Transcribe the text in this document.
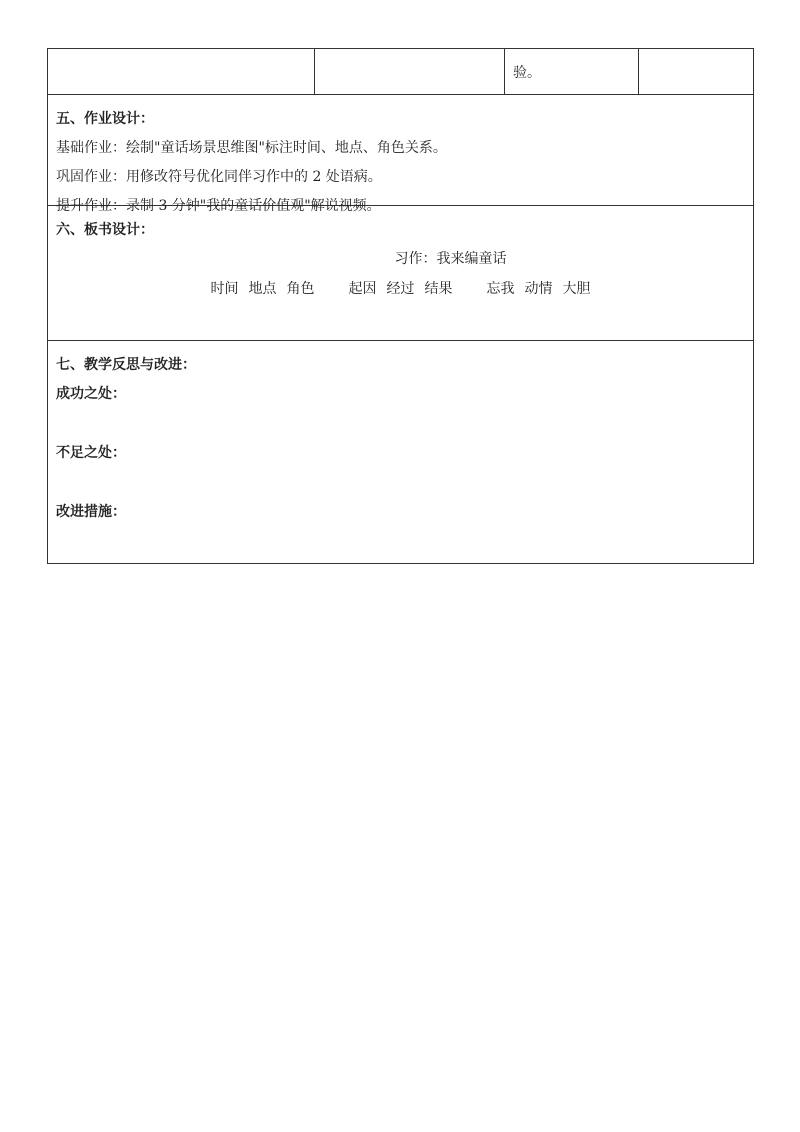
验。

五、作业设计：
基础作业：绘制"童话场景思维图"标注时间、地点、角色关系。
巩固作业：用修改符号优化同伴习作中的 2 处语病。
提升作业：录制 3 分钟"我的童话价值观"解说视频。

六、板书设计：
习作：我来编童话
时间 地点 角色 起因 经过 结果 忘我 动情 大胆

七、教学反思与改进：
成功之处：
不足之处：
改进措施：
